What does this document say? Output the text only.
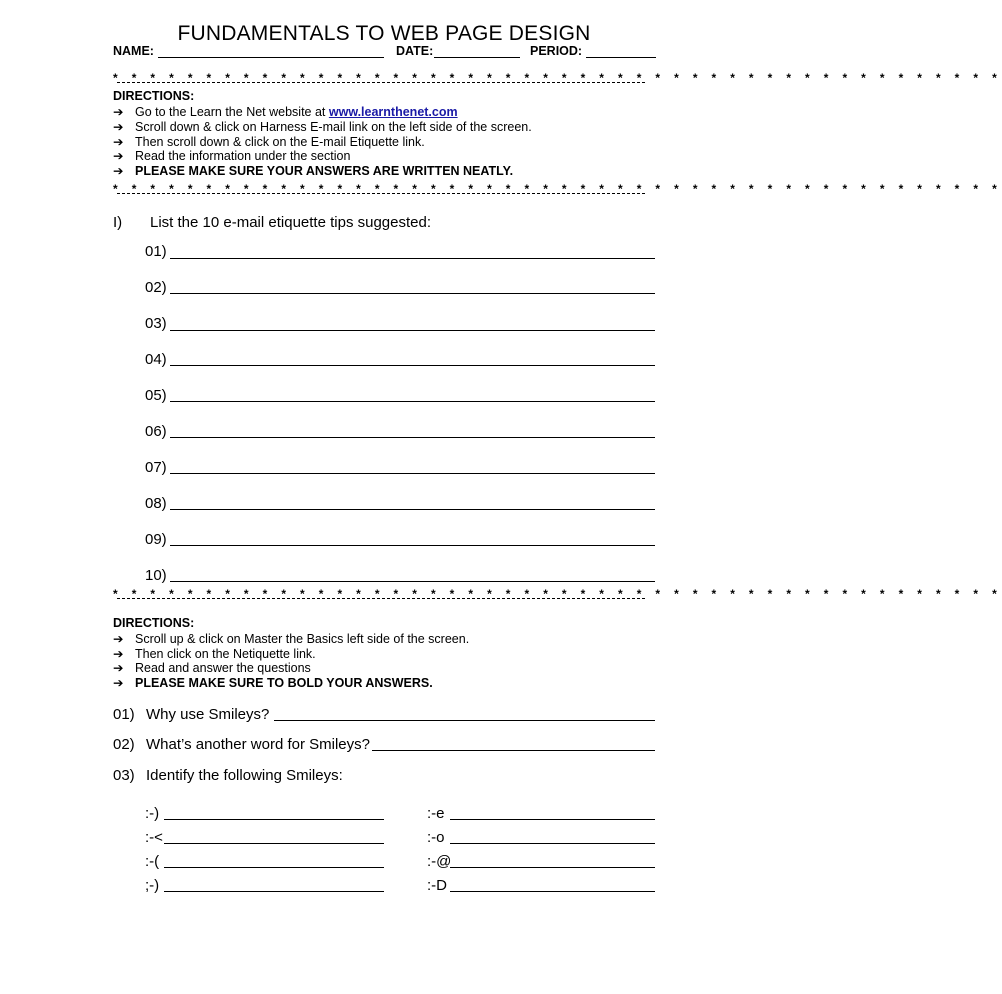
FUNDAMENTALS TO WEB PAGE DESIGN
NAME:	DATE:	PERIOD:
* * * * * * * * * * * * * * * * * * * * * * * * * * * * * * * * * * * * * * * * * * * * * * * *
DIRECTIONS:
➔ Go to the Learn the Net website at www.learnthenet.com
➔ Scroll down & click on Harness E-mail link on the left side of the screen.
➔ Then scroll down & click on the E-mail Etiquette link.
➔ Read the information under the section
➔ PLEASE MAKE SURE YOUR ANSWERS ARE WRITTEN NEATLY.
* * * * * * * * * * * * * * * * * * * * * * * * * * * * * * * * * * * * * * * * * * * * * * * *
I) List the 10 e-mail etiquette tips suggested:
01)
02)
03)
04)
05)
06)
07)
08)
09)
10)
* * * * * * * * * * * * * * * * * * * * * * * * * * * * * * * * * * * * * * * * * * * * * * * *
DIRECTIONS:
➔ Scroll up & click on Master the Basics left side of the screen.
➔ Then click on the Netiquette link.
➔ Read and answer the questions
➔ PLEASE MAKE SURE TO BOLD YOUR ANSWERS.
01) Why use Smileys?
02) What’s another word for Smileys?
03) Identify the following Smileys:
:-)	:-e
:-<	:-o
:-(	:-@
;-)	:-D
